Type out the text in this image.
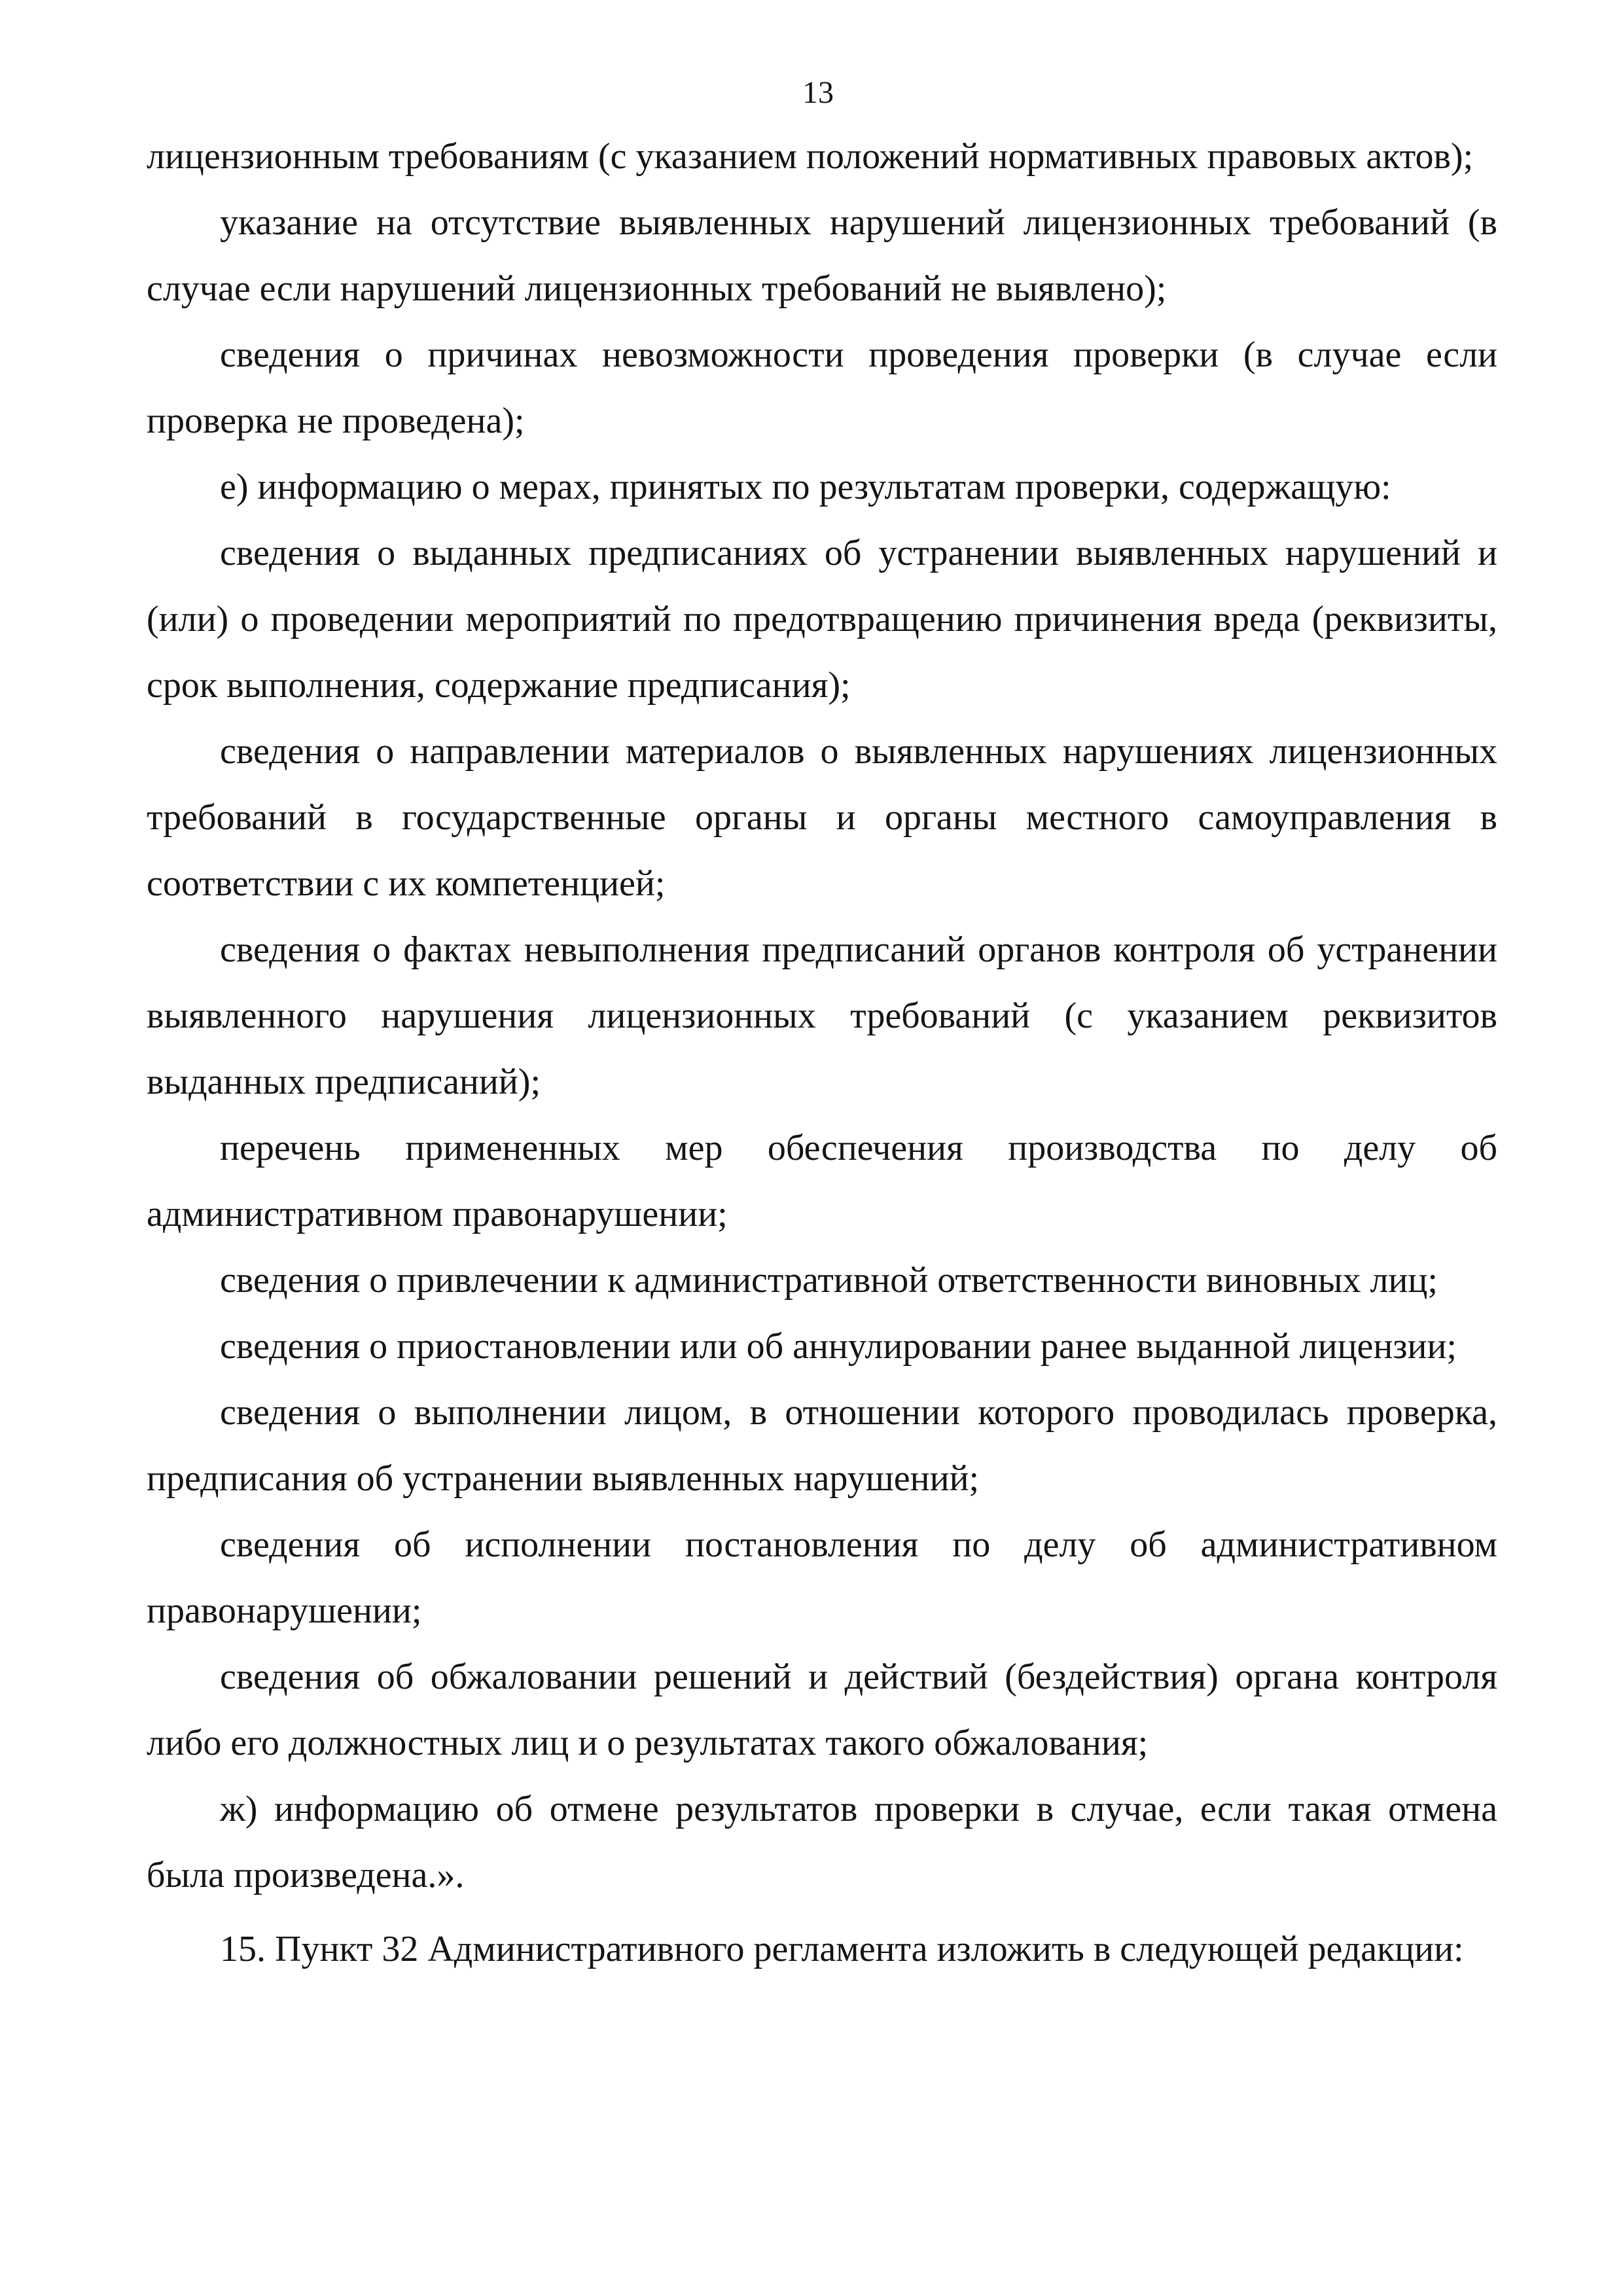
13

лицензионным требованиям (с указанием положений нормативных правовых актов);

указание на отсутствие выявленных нарушений лицензионных требований (в случае если нарушений лицензионных требований не выявлено);

сведения о причинах невозможности проведения проверки (в случае если проверка не проведена);

е) информацию о мерах, принятых по результатам проверки, содержащую:

сведения о выданных предписаниях об устранении выявленных нарушений и (или) о проведении мероприятий по предотвращению причинения вреда (реквизиты, срок выполнения, содержание предписания);

сведения о направлении материалов о выявленных нарушениях лицензионных требований в государственные органы и органы местного самоуправления в соответствии с их компетенцией;

сведения о фактах невыполнения предписаний органов контроля об устранении выявленного нарушения лицензионных требований (с указанием реквизитов выданных предписаний);

перечень примененных мер обеспечения производства по делу об административном правонарушении;

сведения о привлечении к административной ответственности виновных лиц;

сведения о приостановлении или об аннулировании ранее выданной лицензии;

сведения о выполнении лицом, в отношении которого проводилась проверка, предписания об устранении выявленных нарушений;

сведения об исполнении постановления по делу об административном правонарушении;

сведения об обжаловании решений и действий (бездействия) органа контроля либо его должностных лиц и о результатах такого обжалования;

ж) информацию об отмене результатов проверки в случае, если такая отмена была произведена.».

15. Пункт 32 Административного регламента изложить в следующей редакции:
